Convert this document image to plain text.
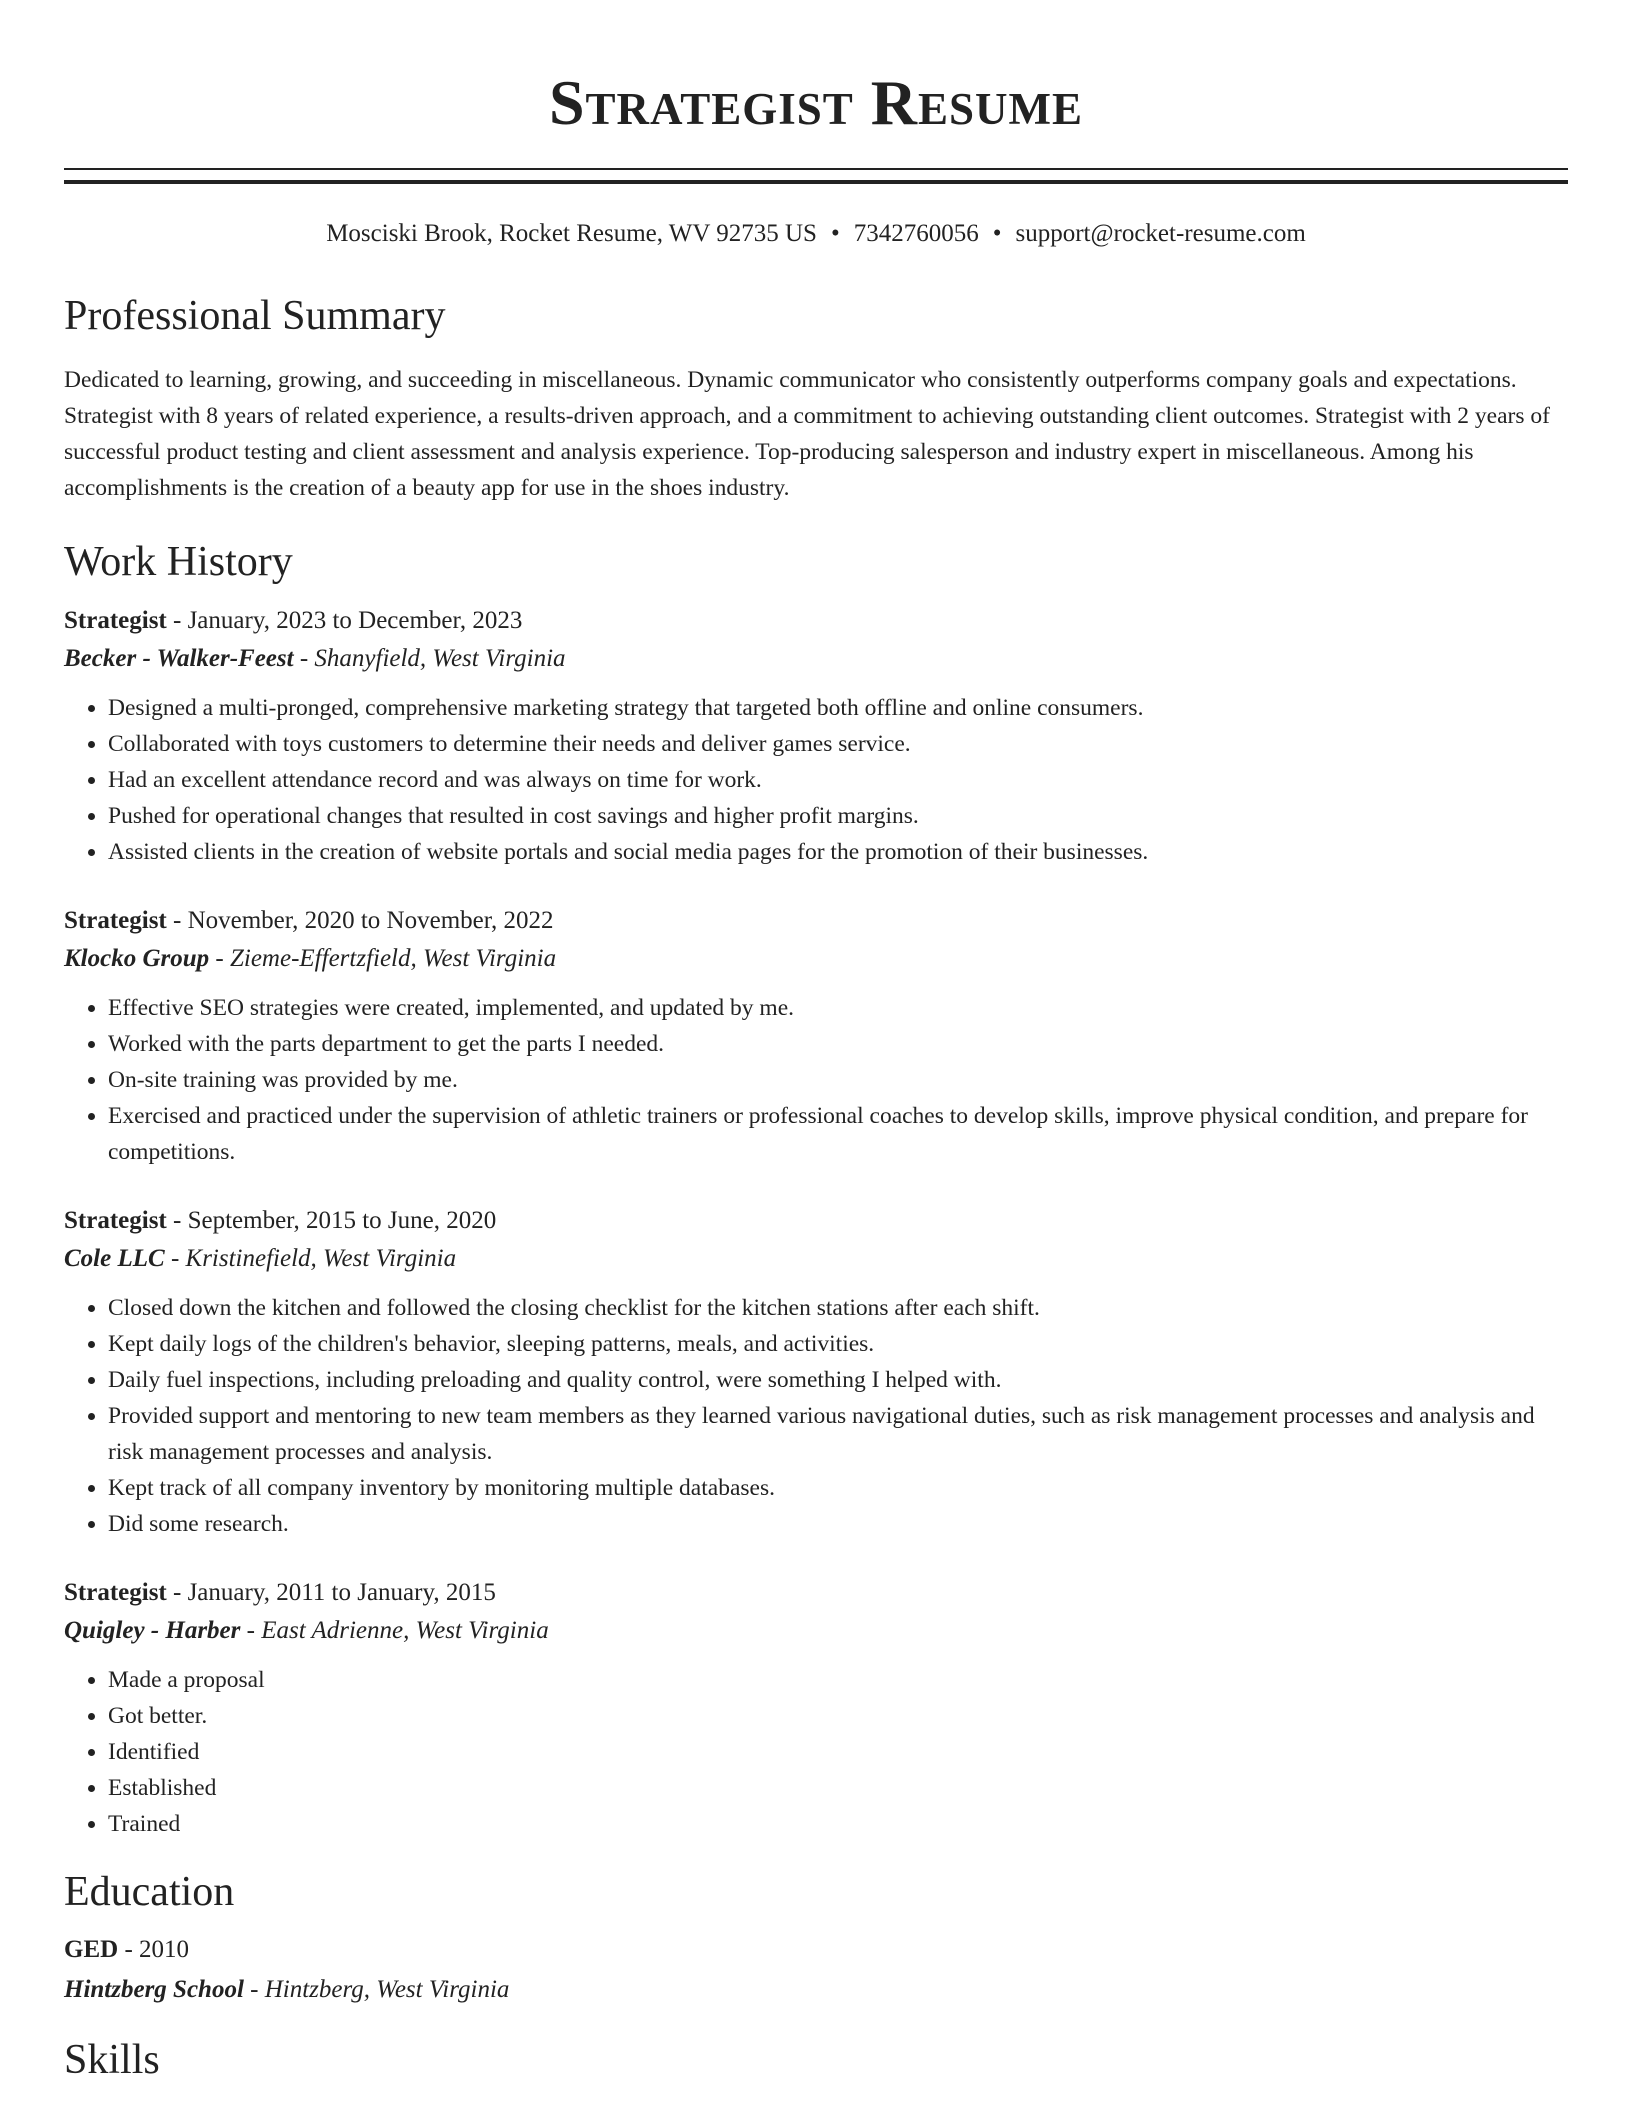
Strategist Resume
Mosciski Brook, Rocket Resume, WV 92735 US • 7342760056 • support@rocket-resume.com
Professional Summary

Dedicated to learning, growing, and succeeding in miscellaneous. Dynamic communicator who consistently outperforms company goals and expectations. Strategist with 8 years of related experience, a results-driven approach, and a commitment to achieving outstanding client outcomes. Strategist with 2 years of successful product testing and client assessment and analysis experience. Top-producing salesperson and industry expert in miscellaneous. Among his accomplishments is the creation of a beauty app for use in the shoes industry.

Work History
Strategist - January, 2023 to December, 2023
Becker - Walker-Feest - Shanyfield, West Virginia
• Designed a multi-pronged, comprehensive marketing strategy that targeted both offline and online consumers.
• Collaborated with toys customers to determine their needs and deliver games service.
• Had an excellent attendance record and was always on time for work.
• Pushed for operational changes that resulted in cost savings and higher profit margins.
• Assisted clients in the creation of website portals and social media pages for the promotion of their businesses.
Strategist - November, 2020 to November, 2022
Klocko Group - Zieme-Effertzfield, West Virginia
• Effective SEO strategies were created, implemented, and updated by me.
• Worked with the parts department to get the parts I needed.
• On-site training was provided by me.
• Exercised and practiced under the supervision of athletic trainers or professional coaches to develop skills, improve physical condition, and prepare for competitions.
Strategist - September, 2015 to June, 2020
Cole LLC - Kristinefield, West Virginia
• Closed down the kitchen and followed the closing checklist for the kitchen stations after each shift.
• Kept daily logs of the children's behavior, sleeping patterns, meals, and activities.
• Daily fuel inspections, including preloading and quality control, were something I helped with.
• Provided support and mentoring to new team members as they learned various navigational duties, such as risk management processes and analysis and risk management processes and analysis.
• Kept track of all company inventory by monitoring multiple databases.
• Did some research.
Strategist - January, 2011 to January, 2015
Quigley - Harber - East Adrienne, West Virginia
• Made a proposal
• Got better.
• Identified
• Established
• Trained
Education
GED - 2010
Hintzberg School - Hintzberg, West Virginia
Skills
